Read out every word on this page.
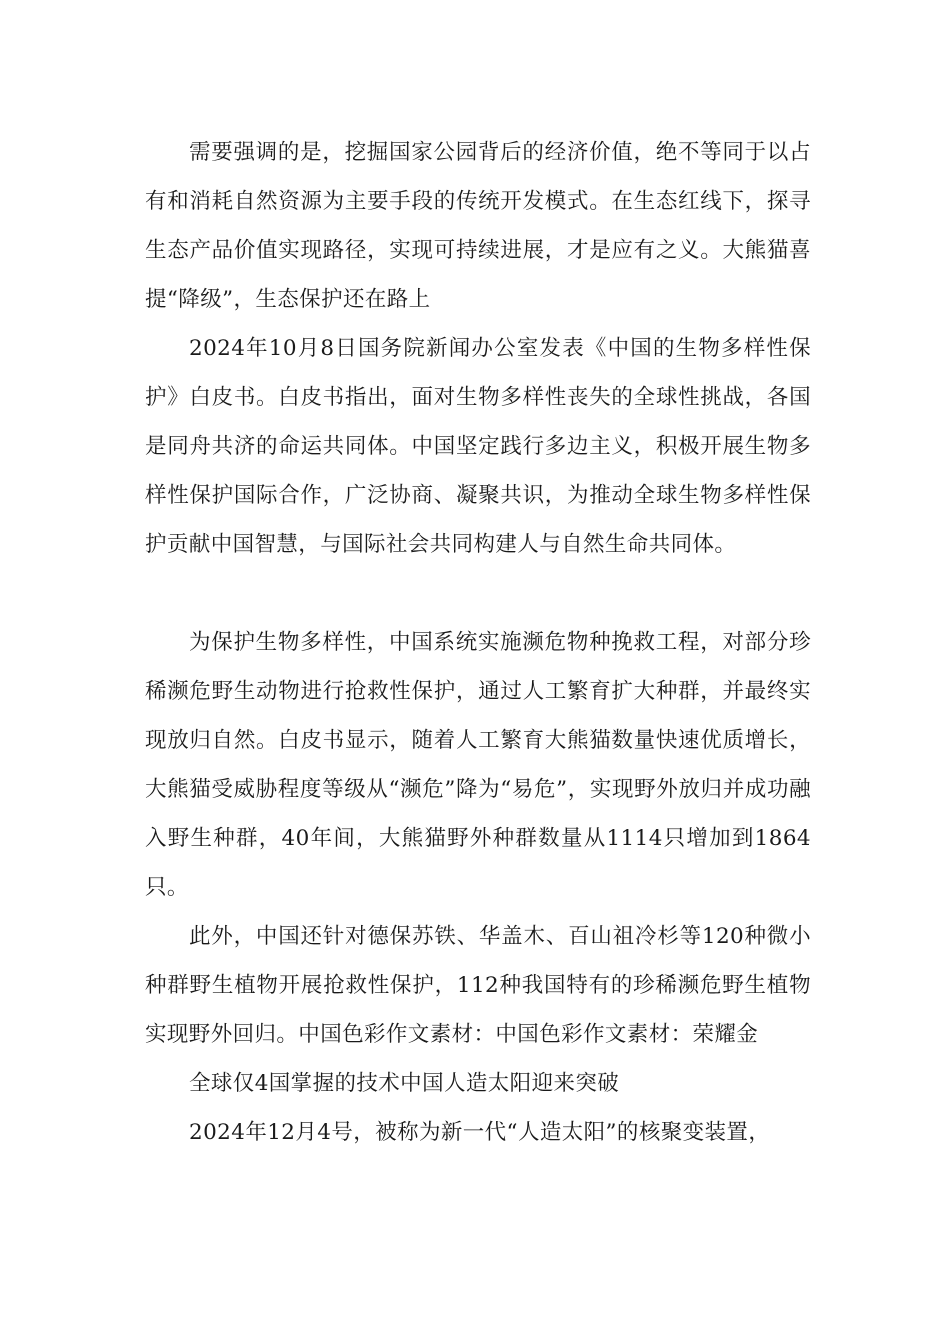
需要强调的是，挖掘国家公园背后的经济价值，绝不等同于以占有和消耗自然资源为主要手段的传统开发模式。在生态红线下，探寻生态产品价值实现路径，实现可持续进展，才是应有之义。大熊猫喜提“降级”，生态保护还在路上

2024年10月8日国务院新闻办公室发表《中国的生物多样性保护》白皮书。白皮书指出，面对生物多样性丧失的全球性挑战，各国是同舟共济的命运共同体。中国坚定践行多边主义，积极开展生物多样性保护国际合作，广泛协商、凝聚共识，为推动全球生物多样性保护贡献中国智慧，与国际社会共同构建人与自然生命共同体。

为保护生物多样性，中国系统实施濒危物种挽救工程，对部分珍稀濒危野生动物进行抢救性保护，通过人工繁育扩大种群，并最终实现放归自然。白皮书显示，随着人工繁育大熊猫数量快速优质增长，大熊猫受威胁程度等级从“濒危”降为“易危”，实现野外放归并成功融入野生种群，40年间，大熊猫野外种群数量从1114只增加到1864只。

此外，中国还针对德保苏铁、华盖木、百山祖冷杉等120种微小种群野生植物开展抢救性保护，112种我国特有的珍稀濒危野生植物实现野外回归。中国色彩作文素材：中国色彩作文素材：荣耀金

全球仅4国掌握的技术中国人造太阳迎来突破

2024年12月4号，被称为新一代“人造太阳”的核聚变装置，
